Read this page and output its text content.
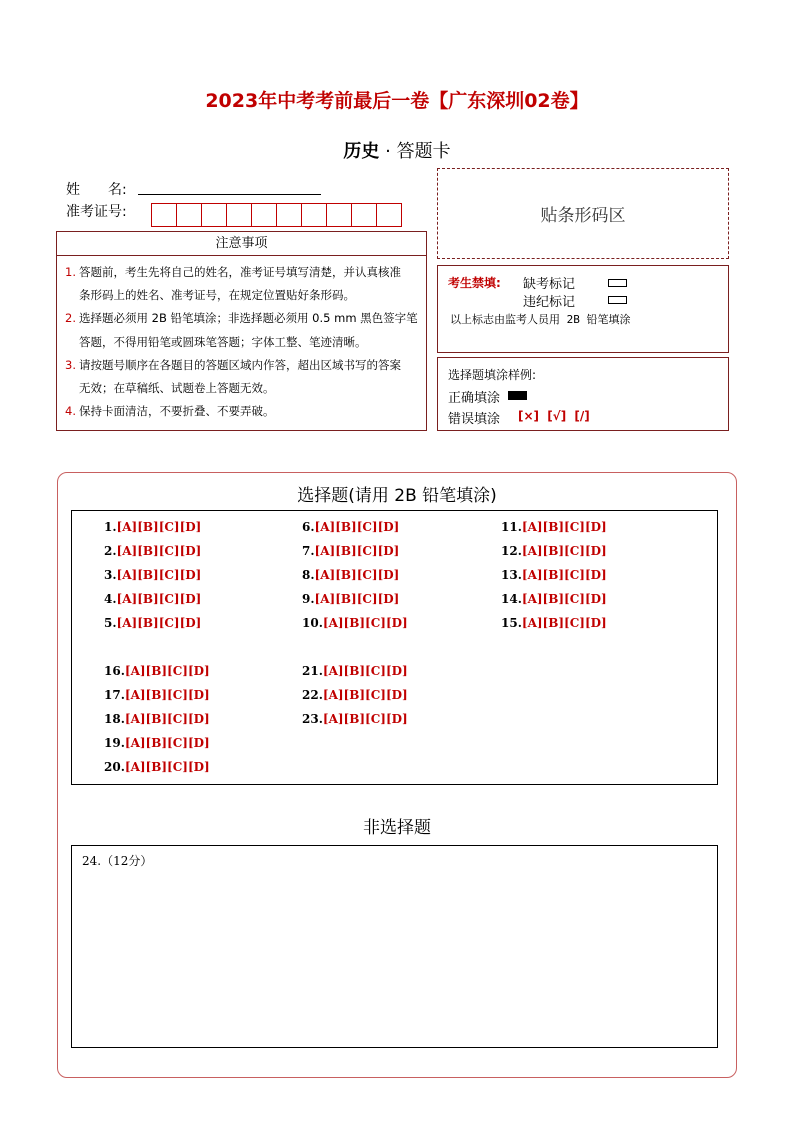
2023年中考考前最后一卷【广东深圳02卷】
历史 · 答题卡
姓　　名:
准考证号:	贴条形码区
注意事项

1. 答题前，考生先将自己的姓名，准考证号填写清楚，并认真核准

条形码上的姓名、准考证号，在规定位置贴好条形码。

2. 选择题必须用 2B 铅笔填涂；非选择题必须用 0.5 mm 黑色签字笔

答题，不得用铅笔或圆珠笔答题；字体工整、笔迹清晰。

3. 请按题号顺序在各题目的答题区域内作答，超出区域书写的答案

无效；在草稿纸、试题卷上答题无效。

4. 保持卡面清洁，不要折叠、不要弄破。

考生禁填: 缺考标记
违纪标记
以上标志由监考人员用 2B 铅笔填涂
选择题填涂样例:
正确填涂
错误填涂 [×] [√] [/]
选择题(请用 2B 铅笔填涂)
1.[A][B][C][D]
2.[A][B][C][D]
3.[A][B][C][D]
4.[A][B][C][D]
5.[A][B][C][D]
6.[A][B][C][D]
7.[A][B][C][D]
8.[A][B][C][D]
9.[A][B][C][D]
10.[A][B][C][D]
11.[A][B][C][D]
12.[A][B][C][D]
13.[A][B][C][D]
14.[A][B][C][D]
15.[A][B][C][D]
16.[A][B][C][D]
17.[A][B][C][D]
18.[A][B][C][D]
19.[A][B][C][D]
20.[A][B][C][D]
21.[A][B][C][D]
22.[A][B][C][D]
23.[A][B][C][D]
非选择题
24.（12分）
